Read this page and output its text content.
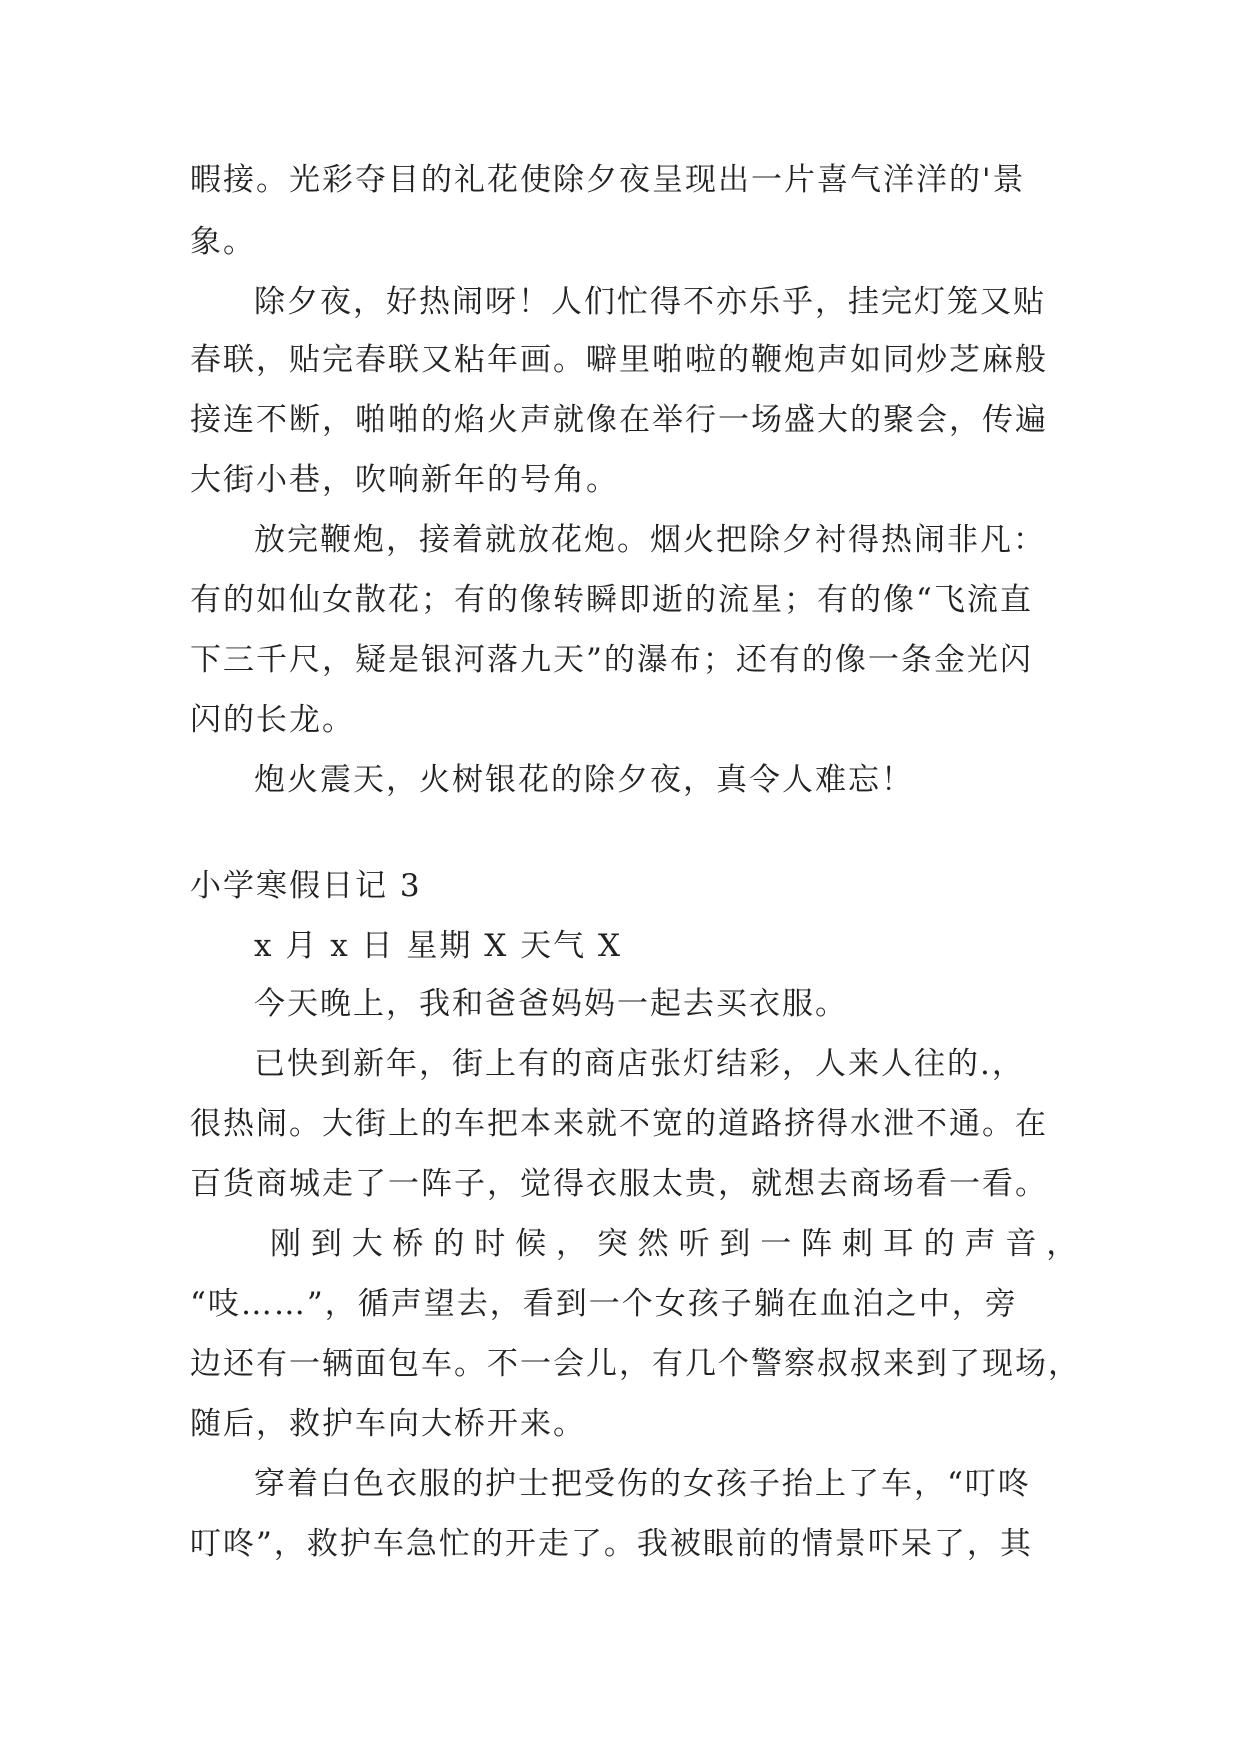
暇接。光彩夺目的礼花使除夕夜呈现出一片喜气洋洋的'景
象。
除夕夜，好热闹呀！人们忙得不亦乐乎，挂完灯笼又贴
春联，贴完春联又粘年画。噼里啪啦的鞭炮声如同炒芝麻般
接连不断，啪啪的焰火声就像在举行一场盛大的聚会，传遍
大街小巷，吹响新年的号角。
放完鞭炮，接着就放花炮。烟火把除夕衬得热闹非凡：
有的如仙女散花；有的像转瞬即逝的流星；有的像“飞流直
下三千尺，疑是银河落九天”的瀑布；还有的像一条金光闪
闪的长龙。
炮火震天，火树银花的除夕夜，真令人难忘！
小学寒假日记 3
x 月 x 日 星期 X 天气 X
今天晚上，我和爸爸妈妈一起去买衣服。
已快到新年，街上有的商店张灯结彩，人来人往的.，
很热闹。大街上的车把本来就不宽的道路挤得水泄不通。在
百货商城走了一阵子，觉得衣服太贵，就想去商场看一看。
刚 到 大 桥 的 时 候 ， 突 然 听 到 一 阵 刺 耳 的 声 音 ，
“吱……”，循声望去，看到一个女孩子躺在血泊之中，旁
边还有一辆面包车。不一会儿，有几个警察叔叔来到了现场，
随后，救护车向大桥开来。
穿着白色衣服的护士把受伤的女孩子抬上了车，“叮咚
叮咚”，救护车急忙的开走了。我被眼前的情景吓呆了，其
